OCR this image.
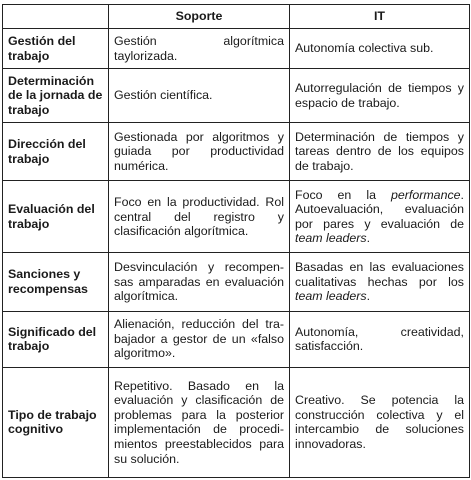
	Soporte	IT
Gestión del trabajo	Gestión algorítmica taylorizada.	Autonomía colectiva sub.
Determinación de la jornada de trabajo	Gestión científica.	Autorregulación de tiempos y espacio de trabajo.
Dirección del trabajo	Gestionada por algoritmos y guiada por productividad numérica.	Determinación de tiempos y tareas dentro de los equipos de trabajo.
Evaluación del trabajo	Foco en la productividad. Rol central del registro y clasificación algorítmica.	Foco en la performance. Autoevaluación, evaluación por pares y evaluación de team leaders.
Sanciones y recompensas	Desvinculación y recompensas amparadas en evaluación algorítmica.	Basadas en las evaluaciones cualitativas hechas por los team leaders.
Significado del trabajo	Alienación, reducción del trabajador a gestor de un «falso algoritmo».	Autonomía, creatividad, satisfacción.
Tipo de trabajo cognitivo	Repetitivo. Basado en la evaluación y clasificación de problemas para la posterior implementación de procedimientos preestablecidos para su solución.	Creativo. Se potencia la construcción colectiva y el intercambio de soluciones innovadoras.
